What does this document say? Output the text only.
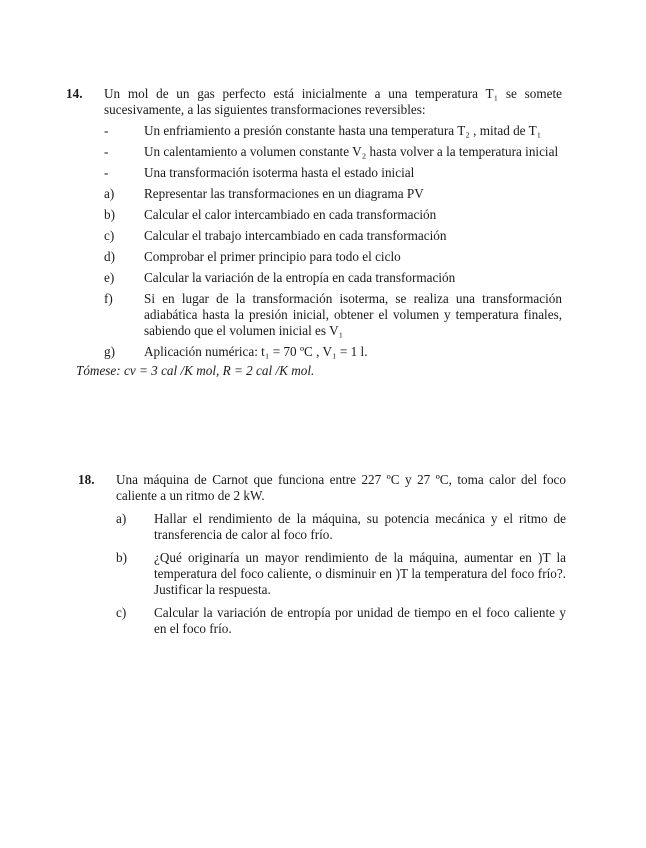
14. Un mol de un gas perfecto está inicialmente a una temperatura T₁ se somete sucesivamente, a las siguientes transformaciones reversibles:
-	Un enfriamiento a presión constante hasta una temperatura T₂ , mitad de T₁
-	Un calentamiento a volumen constante V₂ hasta volver a la temperatura inicial
-	Una transformación isoterma hasta el estado inicial
a) Representar las transformaciones en un diagrama PV
b) Calcular el calor intercambiado en cada transformación
c) Calcular el trabajo intercambiado en cada transformación
d) Comprobar el primer principio para todo el ciclo
e) Calcular la variación de la entropía en cada transformación
f) Si en lugar de la transformación isoterma, se realiza una transformación adiabática hasta la presión inicial, obtener el volumen y temperatura finales, sabiendo que el volumen inicial es V₁
g) Aplicación numérica: t₁ = 70 ºC , V₁ = 1 l.
Tómese: cv = 3 cal /K mol, R = 2 cal /K mol.
18. Una máquina de Carnot que funciona entre 227 ºC y 27 ºC, toma calor del foco caliente a un ritmo de 2 kW.
a) Hallar el rendimiento de la máquina, su potencia mecánica y el ritmo de transferencia de calor al foco frío.
b) ¿Qué originaría un mayor rendimiento de la máquina, aumentar en )T la temperatura del foco caliente, o disminuir en )T la temperatura del foco frío?. Justificar la respuesta.
c) Calcular la variación de entropía por unidad de tiempo en el foco caliente y en el foco frío.
